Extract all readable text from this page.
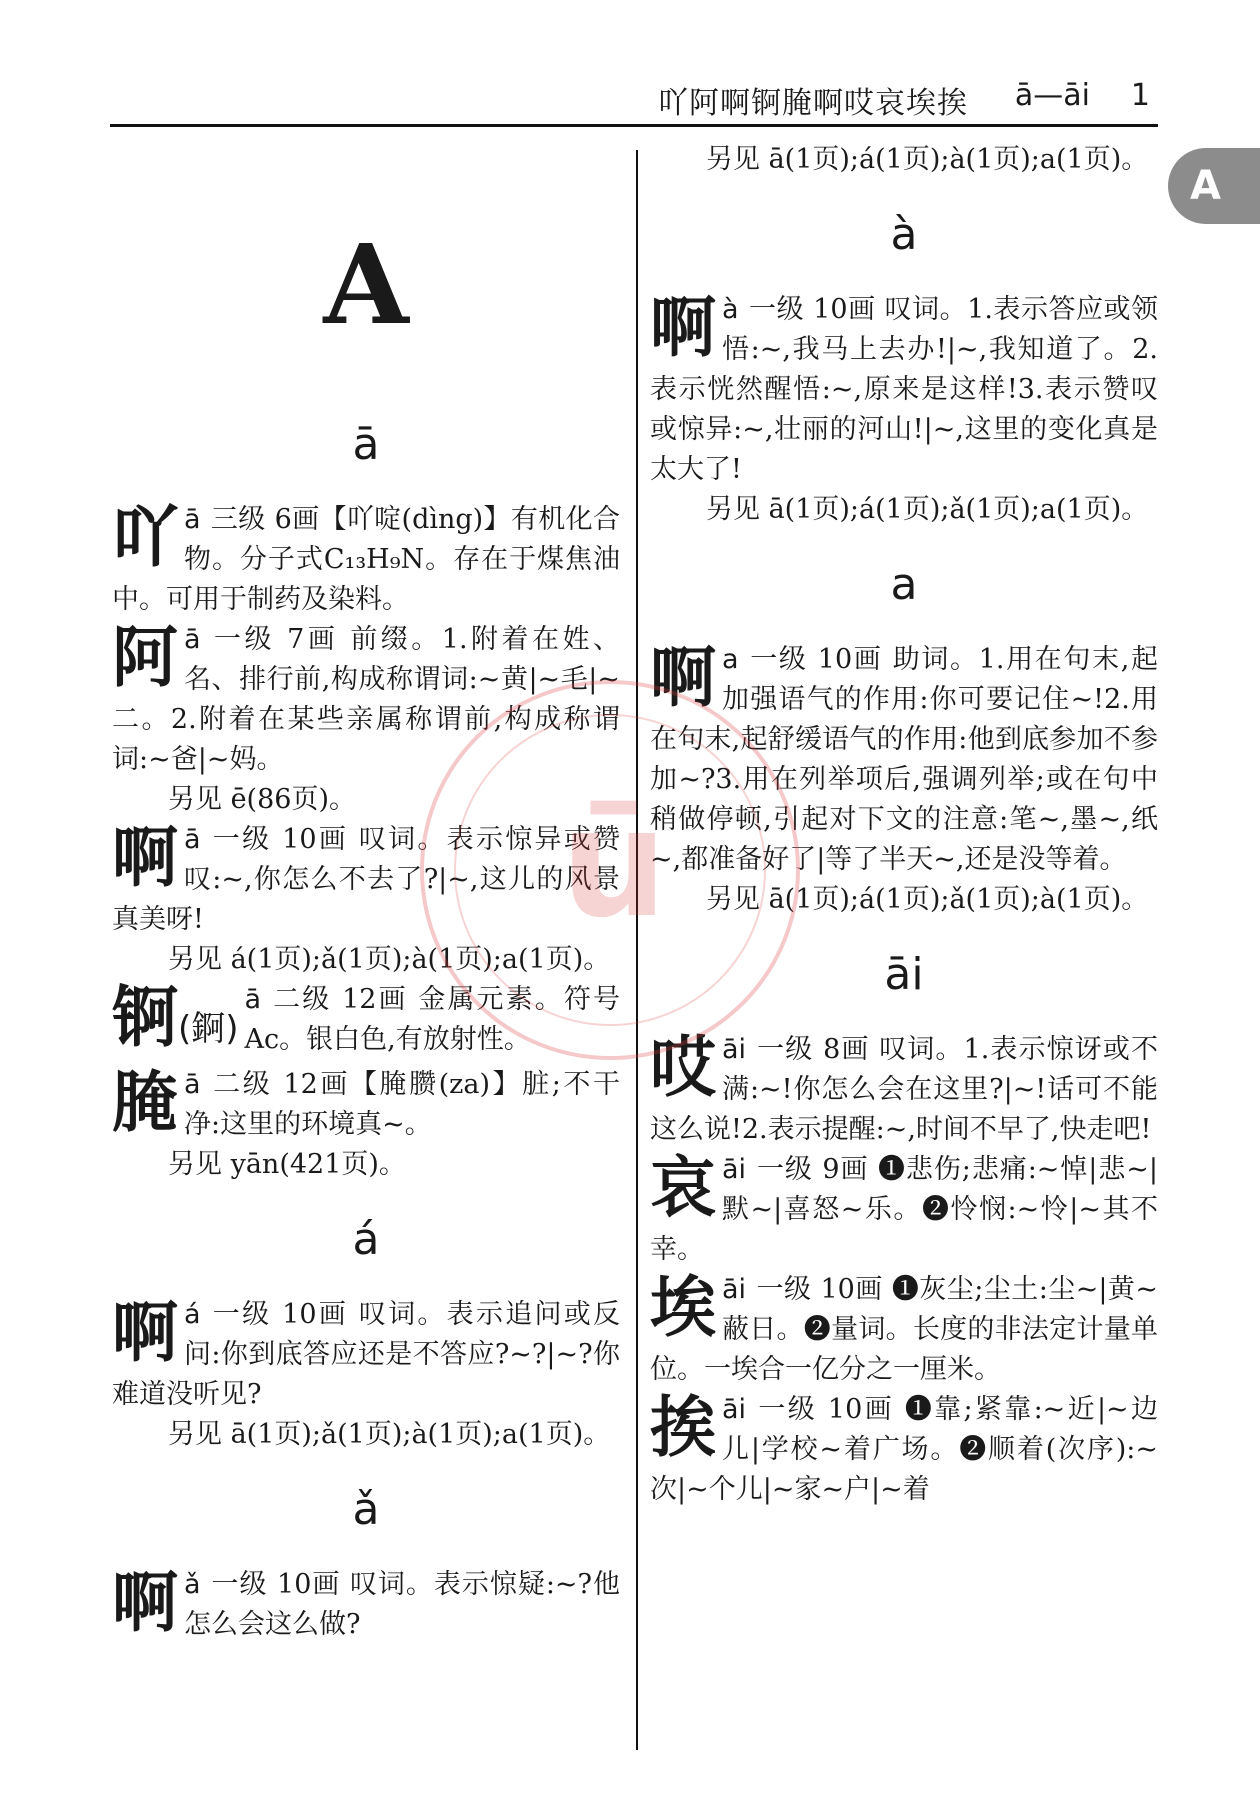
吖阿啊锕腌啊哎哀埃挨 ā—āi 1
A
A
ā
吖 ā 三级 6画【吖啶(dìng)】有机化合物。分子式C₁₃H₉N。存在于煤焦油中。可用于制药及染料。
阿 ā 一级 7画 前缀。1.附着在姓、名、排行前,构成称谓词:~黄|~毛|~二。2.附着在某些亲属称谓前,构成称谓词:~爸|~妈。

另见 ē(86页)。

啊 ā 一级 10画 叹词。表示惊异或赞叹:~,你怎么不去了?|~,这儿的风景真美呀!

另见 á(1页);ǎ(1页);à(1页);a(1页)。

锕(錒)
ā 二级 12画 金属元素。符号 Ac。银白色,有放射性。
腌 ā 二级 12画【腌臜(za)】脏;不干净:这里的环境真~。

另见 yān(421页)。

á
啊 á 一级 10画 叹词。表示追问或反问:你到底答应还是不答应?~?|~?你难道没听见?

另见 ā(1页);ǎ(1页);à(1页);a(1页)。

ǎ
啊 ǎ 一级 10画 叹词。表示惊疑:~?他怎么会这么做?

另见 ā(1页);á(1页);à(1页);a(1页)。

à
啊 à 一级 10画 叹词。1.表示答应或领悟:~,我马上去办!|~,我知道了。2.表示恍然醒悟:~,原来是这样!3.表示赞叹或惊异:~,壮丽的河山!|~,这里的变化真是太大了!

另见 ā(1页);á(1页);ǎ(1页);a(1页)。

a
啊 a 一级 10画 助词。1.用在句末,起加强语气的作用:你可要记住~!2.用在句末,起舒缓语气的作用:他到底参加不参加~?3.用在列举项后,强调列举;或在句中稍做停顿,引起对下文的注意:笔~,墨~,纸~,都准备好了|等了半天~,还是没等着。

另见 ā(1页);á(1页);ǎ(1页);à(1页)。

āi
哎 āi 一级 8画 叹词。1.表示惊讶或不满:~!你怎么会在这里?|~!话可不能这么说!2.表示提醒:~,时间不早了,快走吧!
哀 āi 一级 9画 ❶悲伤;悲痛:~悼|悲~|默~|喜怒~乐。❷怜悯:~怜|~其不幸。
埃 āi 一级 10画 ❶灰尘;尘土:尘~|黄~蔽日。❷量词。长度的非法定计量单位。一埃合一亿分之一厘米。
挨 āi 一级 10画 ❶靠;紧靠:~近|~边儿|学校~着广场。❷顺着(次序):~次|~个儿|~家~户|~着
ū
